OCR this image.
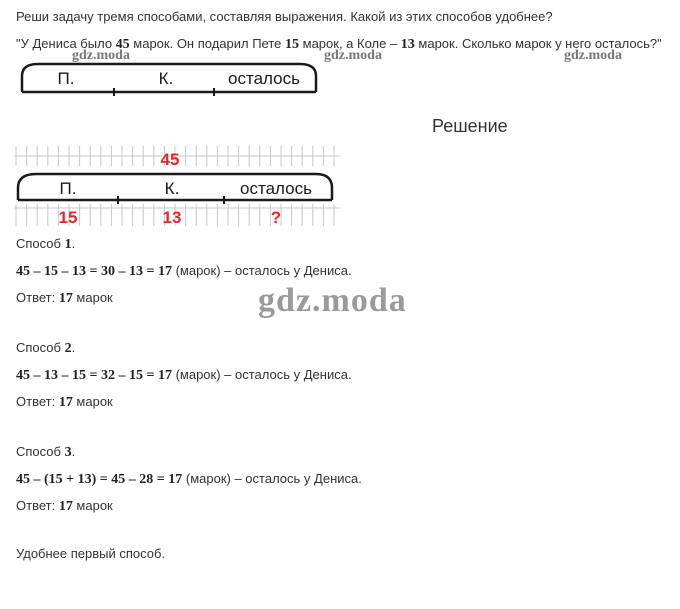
Реши задачу тремя способами, составляя выражения. Какой из этих способов удобнее?
"У Дениса было 45 марок. Он подарил Пете 15 марок, а Коле – 13 марок. Сколько марок у него осталось?"
П.	К.	осталось
gdz.moda	gdz.moda	gdz.moda
Решение
45
П.	К.	осталось
15	13	?
gdz.moda
Способ 1.
45 – 15 – 13 = 30 – 13 = 17 (марок) – осталось у Дениса.
Ответ: 17 марок
Способ 2.
45 – 13 – 15 = 32 – 15 = 17 (марок) – осталось у Дениса.
Ответ: 17 марок
Способ 3.
45 – (15 + 13) = 45 – 28 = 17 (марок) – осталось у Дениса.
Ответ: 17 марок
Удобнее первый способ.
